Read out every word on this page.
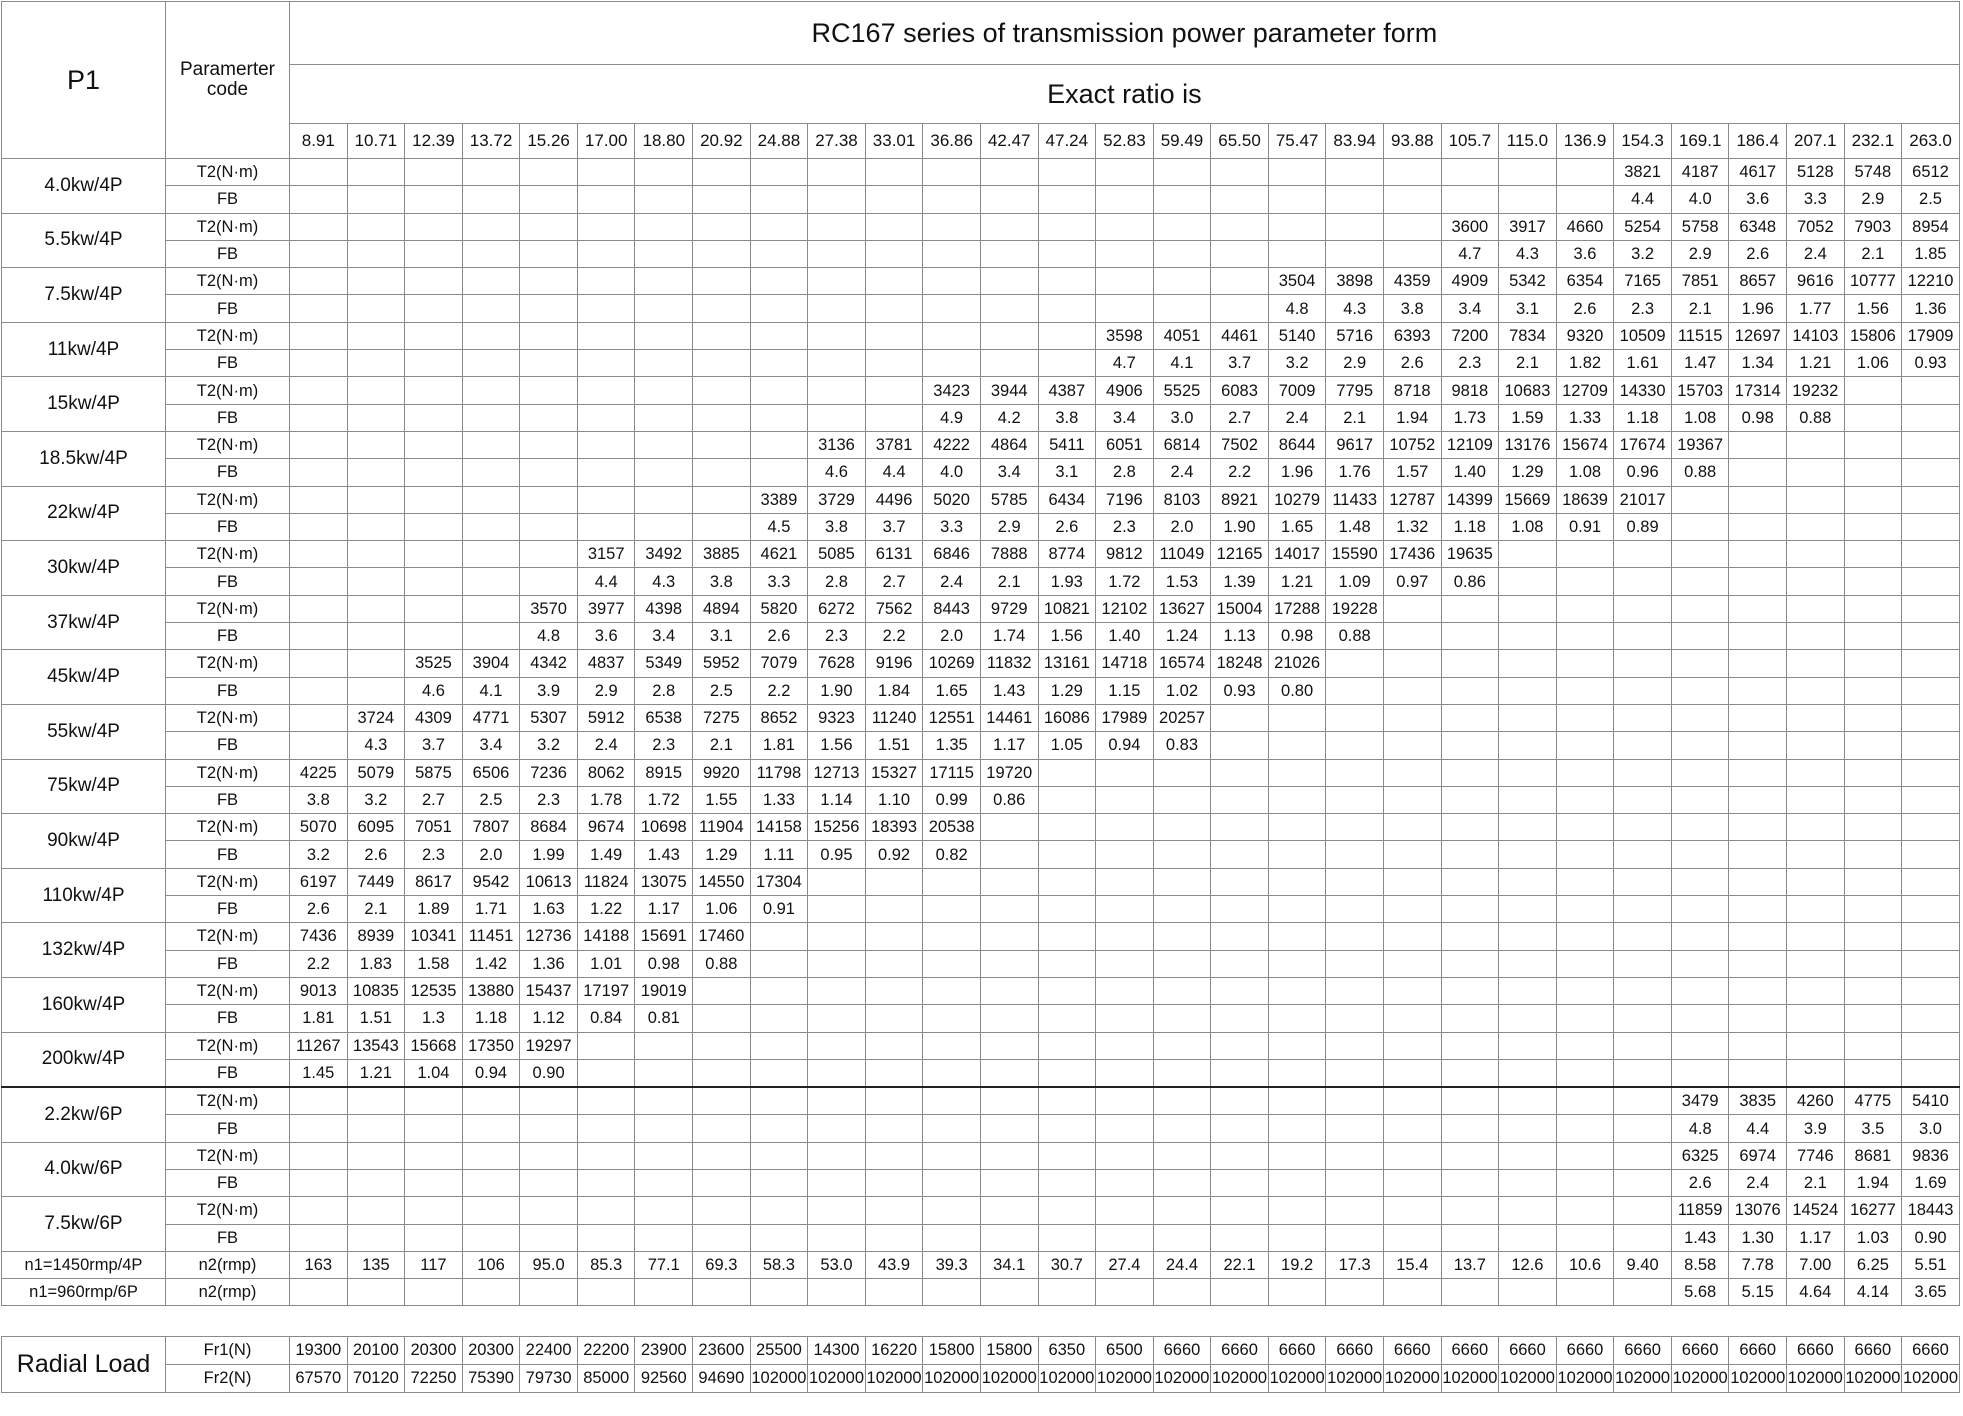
P1	Paramerter code	RC167 series of transmission power parameter form																												
		Exact ratio is																												
		8.91	10.71	12.39	13.72	15.26	17.00	18.80	20.92	24.88	27.38	33.01	36.86	42.47	47.24	52.83	59.49	65.50	75.47	83.94	93.88	105.7	115.0	136.9	154.3	169.1	186.4	207.1	232.1	263.0
4.0kw/4P	T2(N·m)																								3821	4187	4617	5128	5748	6512
	FB																								4.4	4.0	3.6	3.3	2.9	2.5
5.5kw/4P	T2(N·m)																					3600	3917	4660	5254	5758	6348	7052	7903	8954
	FB																					4.7	4.3	3.6	3.2	2.9	2.6	2.4	2.1	1.85
7.5kw/4P	T2(N·m)																		3504	3898	4359	4909	5342	6354	7165	7851	8657	9616	10777	12210
	FB																		4.8	4.3	3.8	3.4	3.1	2.6	2.3	2.1	1.96	1.77	1.56	1.36
11kw/4P	T2(N·m)															3598	4051	4461	5140	5716	6393	7200	7834	9320	10509	11515	12697	14103	15806	17909
	FB															4.7	4.1	3.7	3.2	2.9	2.6	2.3	2.1	1.82	1.61	1.47	1.34	1.21	1.06	0.93
15kw/4P	T2(N·m)												3423	3944	4387	4906	5525	6083	7009	7795	8718	9818	10683	12709	14330	15703	17314	19232		
	FB												4.9	4.2	3.8	3.4	3.0	2.7	2.4	2.1	1.94	1.73	1.59	1.33	1.18	1.08	0.98	0.88		
18.5kw/4P	T2(N·m)										3136	3781	4222	4864	5411	6051	6814	7502	8644	9617	10752	12109	13176	15674	17674	19367				
	FB										4.6	4.4	4.0	3.4	3.1	2.8	2.4	2.2	1.96	1.76	1.57	1.40	1.29	1.08	0.96	0.88				
22kw/4P	T2(N·m)									3389	3729	4496	5020	5785	6434	7196	8103	8921	10279	11433	12787	14399	15669	18639	21017					
	FB									4.5	3.8	3.7	3.3	2.9	2.6	2.3	2.0	1.90	1.65	1.48	1.32	1.18	1.08	0.91	0.89					
30kw/4P	T2(N·m)						3157	3492	3885	4621	5085	6131	6846	7888	8774	9812	11049	12165	14017	15590	17436	19635								
	FB						4.4	4.3	3.8	3.3	2.8	2.7	2.4	2.1	1.93	1.72	1.53	1.39	1.21	1.09	0.97	0.86								
37kw/4P	T2(N·m)					3570	3977	4398	4894	5820	6272	7562	8443	9729	10821	12102	13627	15004	17288	19228										
	FB					4.8	3.6	3.4	3.1	2.6	2.3	2.2	2.0	1.74	1.56	1.40	1.24	1.13	0.98	0.88										
45kw/4P	T2(N·m)			3525	3904	4342	4837	5349	5952	7079	7628	9196	10269	11832	13161	14718	16574	18248	21026											
	FB			4.6	4.1	3.9	2.9	2.8	2.5	2.2	1.90	1.84	1.65	1.43	1.29	1.15	1.02	0.93	0.80											
55kw/4P	T2(N·m)		3724	4309	4771	5307	5912	6538	7275	8652	9323	11240	12551	14461	16086	17989	20257													
	FB		4.3	3.7	3.4	3.2	2.4	2.3	2.1	1.81	1.56	1.51	1.35	1.17	1.05	0.94	0.83													
75kw/4P	T2(N·m)	4225	5079	5875	6506	7236	8062	8915	9920	11798	12713	15327	17115	19720																
	FB	3.8	3.2	2.7	2.5	2.3	1.78	1.72	1.55	1.33	1.14	1.10	0.99	0.86																
90kw/4P	T2(N·m)	5070	6095	7051	7807	8684	9674	10698	11904	14158	15256	18393	20538																	
	FB	3.2	2.6	2.3	2.0	1.99	1.49	1.43	1.29	1.11	0.95	0.92	0.82																	
110kw/4P	T2(N·m)	6197	7449	8617	9542	10613	11824	13075	14550	17304																				
	FB	2.6	2.1	1.89	1.71	1.63	1.22	1.17	1.06	0.91																				
132kw/4P	T2(N·m)	7436	8939	10341	11451	12736	14188	15691	17460																					
	FB	2.2	1.83	1.58	1.42	1.36	1.01	0.98	0.88																					
160kw/4P	T2(N·m)	9013	10835	12535	13880	15437	17197	19019																						
	FB	1.81	1.51	1.3	1.18	1.12	0.84	0.81																						
200kw/4P	T2(N·m)	11267	13543	15668	17350	19297																								
	FB	1.45	1.21	1.04	0.94	0.90																								
2.2kw/6P	T2(N·m)																									3479	3835	4260	4775	5410
	FB																									4.8	4.4	3.9	3.5	3.0
4.0kw/6P	T2(N·m)																									6325	6974	7746	8681	9836
	FB																									2.6	2.4	2.1	1.94	1.69
7.5kw/6P	T2(N·m)																									11859	13076	14524	16277	18443
	FB																									1.43	1.30	1.17	1.03	0.90
n1=1450rmp/4P	n2(rmp)	163	135	117	106	95.0	85.3	77.1	69.3	58.3	53.0	43.9	39.3	34.1	30.7	27.4	24.4	22.1	19.2	17.3	15.4	13.7	12.6	10.6	9.40	8.58	7.78	7.00	6.25	5.51
n1=960rmp/6P	n2(rmp)																									5.68	5.15	4.64	4.14	3.65
Radial Load	Fr1(N)	19300	20100	20300	20300	22400	22200	23900	23600	25500	14300	16220	15800	15800	6350	6500	6660	6660	6660	6660	6660	6660	6660	6660	6660	6660	6660	6660	6660	6660
	Fr2(N)	67570	70120	72250	75390	79730	85000	92560	94690	102000	102000	102000	102000	102000	102000	102000	102000	102000	102000	102000	102000	102000	102000	102000	102000	102000	102000	102000	102000	102000
